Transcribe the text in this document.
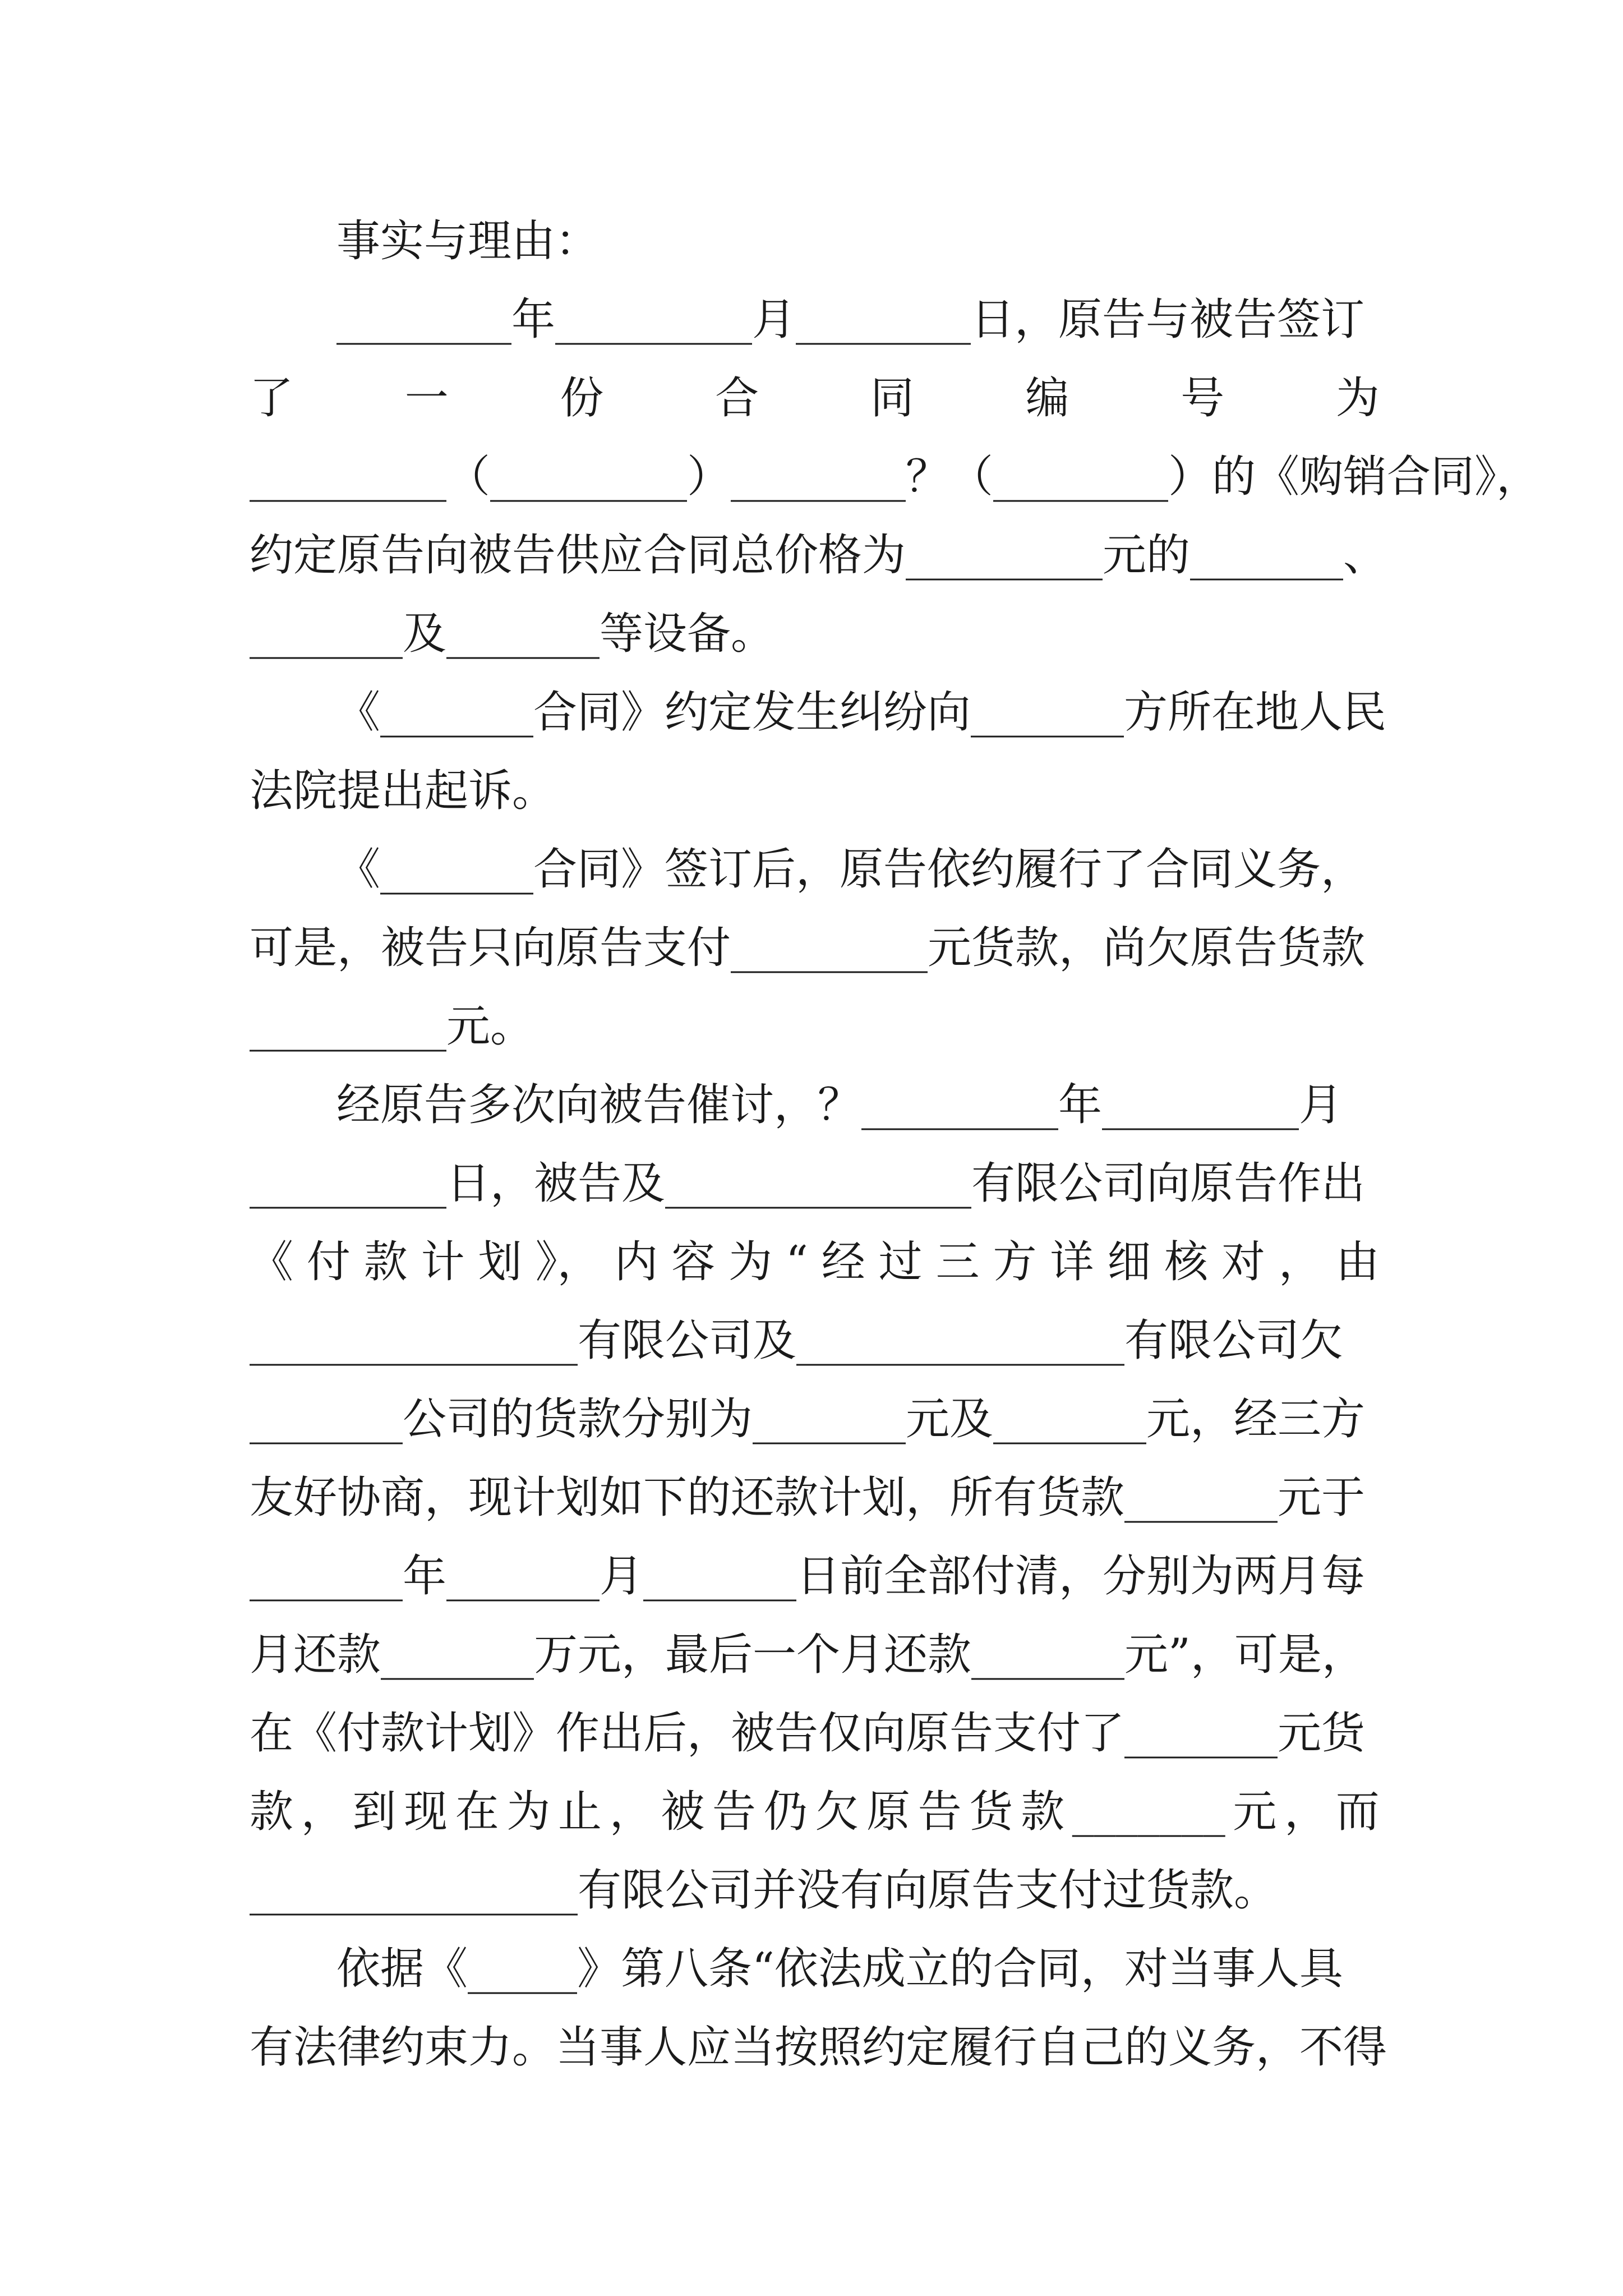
事实与理由：
________年_________月________日，原告与被告签订
了	一	份	合	同	编	号	为
_________（_________）________？（________）的《购销合同》，
约定原告向被告供应合同总价格为_________元的_______、
_______及_______等设备。
《_______合同》约定发生纠纷向_______方所在地人民
法院提出起诉。
《_______合同》签订后，原告依约履行了合同义务，
可是，被告只向原告支付_________元货款，尚欠原告货款
_________元。
经原告多次向被告催讨，？_________年_________月
_________日，被告及______________有限公司向原告作出
《 付 款 计 划 》， 内 容 为 “ 经 过 三 方 详 细 核 对 ， 由
_______________有限公司及_______________有限公司欠
_______公司的货款分别为_______元及_______元，经三方
友好协商，现计划如下的还款计划，所有货款_______元于
_______年_______月_______日前全部付清，分别为两月每
月还款_______万元，最后一个月还款_______元”，可是，
在《付款计划》作出后，被告仅向原告支付了_______元货
款 ， 到 现 在 为 止 ， 被 告 仍 欠 原 告 货 款 _______ 元 ， 而
_______________有限公司并没有向原告支付过货款。
依据《_____》第八条“依法成立的合同，对当事人具
有法律约束力。当事人应当按照约定履行自己的义务，不得
